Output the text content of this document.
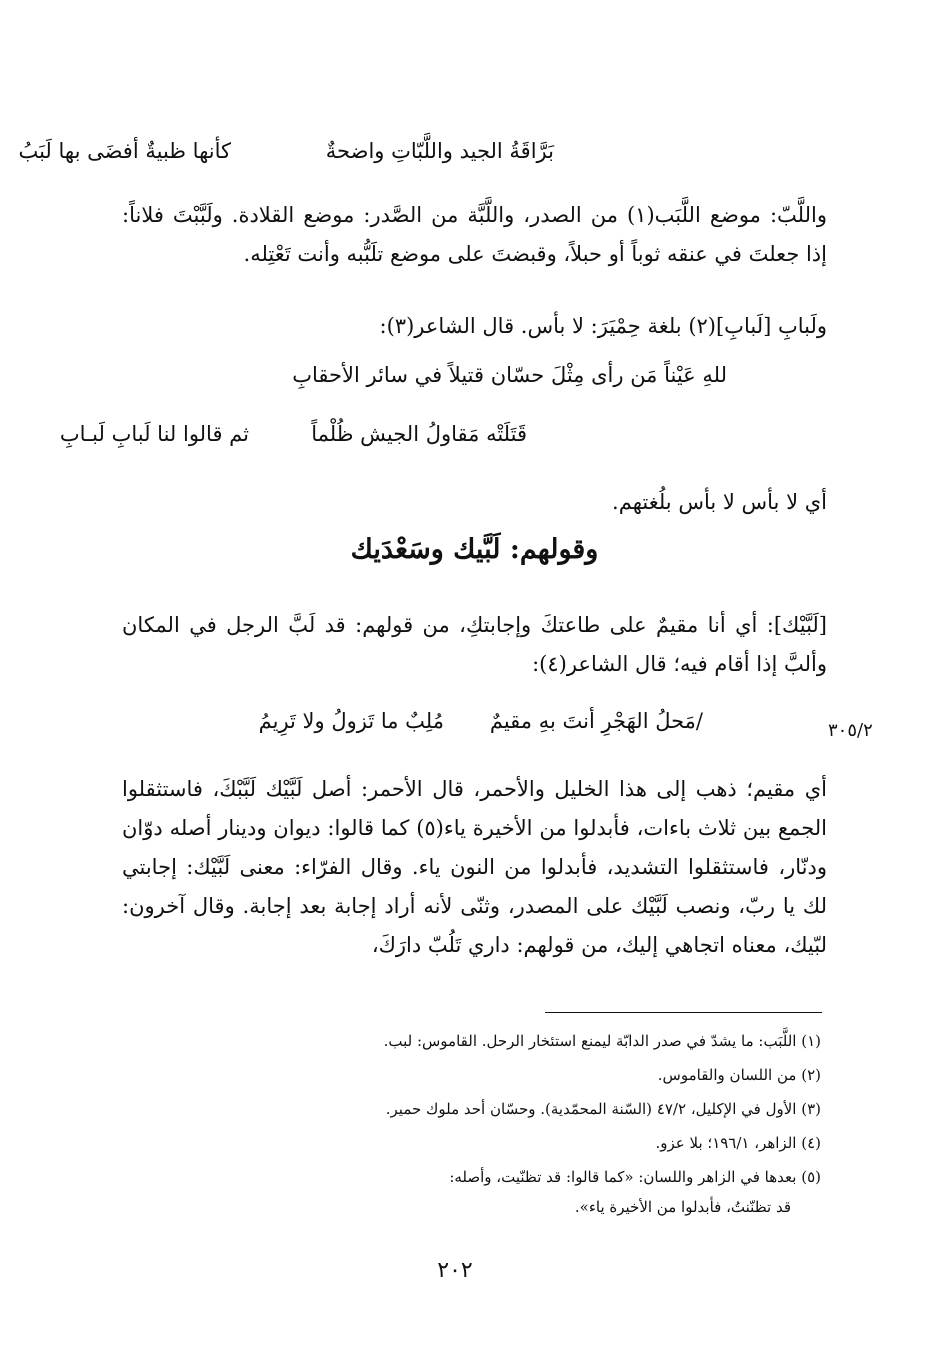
بَرَّاقَةُ الجيد واللَّبّاتِ واضحةٌ
كأنها ظبيةٌ أفضَى بها لَبَبُ
واللَّبّ: موضع اللَّبَب(١) من الصدر، واللَّبَّة من الصَّدر: موضع القلادة. ولَبَّبْتَ فلاناً: إذا جعلتَ في عنقه ثوباً أو حبلاً، وقبضتَ على موضع تلَبُّبه وأنت تَعْتِله.
ولَبابِ [لَبابِ](٢) بلغة حِمْيَرَ: لا بأس. قال الشاعر(٣):
للهِ عَيْناً مَن رأى مِثْلَ حسّان قتيلاً في سائر الأحقابِ
قَتَلَتْه مَقاولُ الجيش ظُلْماً
ثم قالوا لنا لَبابِ لَبـابِ
أي لا بأس لا بأس بلُغتهم.
وقولهم: لَبَّيك وسَعْدَيك
[لَبَّيْك]: أي أنا مقيمٌ على طاعتكَ وإجابتكِ، من قولهم: قد لَبَّ الرجل في المكان وألبَّ إذا أقام فيه؛ قال الشاعر(٤):
/مَحلُ الهَجْرِ أنتَ بهِ مقيمٌ
مُلِبٌ ما تَزولُ ولا تَرِيمُ	٣٠٥/٢
أي مقيم؛ ذهب إلى هذا الخليل والأحمر، قال الأحمر: أصل لَبَّيْك لَبَّبْكَ، فاستثقلوا الجمع بين ثلاث باءات، فأبدلوا من الأخيرة ياء(٥) كما قالوا: ديوان ودينار أصله دوّان ودنّار، فاستثقلوا التشديد، فأبدلوا من النون ياء. وقال الفرّاء: معنى لَبَّيْك: إجابتي لك يا ربّ، ونصب لَبَّيْك على المصدر، وثنّى لأنه أراد إجابة بعد إجابة. وقال آخرون: لبّيك، معناه اتجاهي إليك، من قولهم: داري تَلُبّ دارَكَ،
(١) اللَّبَب: ما يشدّ في صدر الدابّة ليمنع استئخار الرحل. القاموس: لبب.
(٢) من اللسان والقاموس.
(٣) الأول في الإكليل، ٤٧/٢ (السّنة المحمّدية). وحسّان أحد ملوك حمير.
(٤) الزاهر، ١٩٦/١؛ بلا عزو.
(٥) بعدها في الزاهر واللسان: «كما قالوا: قد تظنّيت، وأصله:
قد تظنّنتُ، فأبدلوا من الأخيرة ياء».
٢٠٢
